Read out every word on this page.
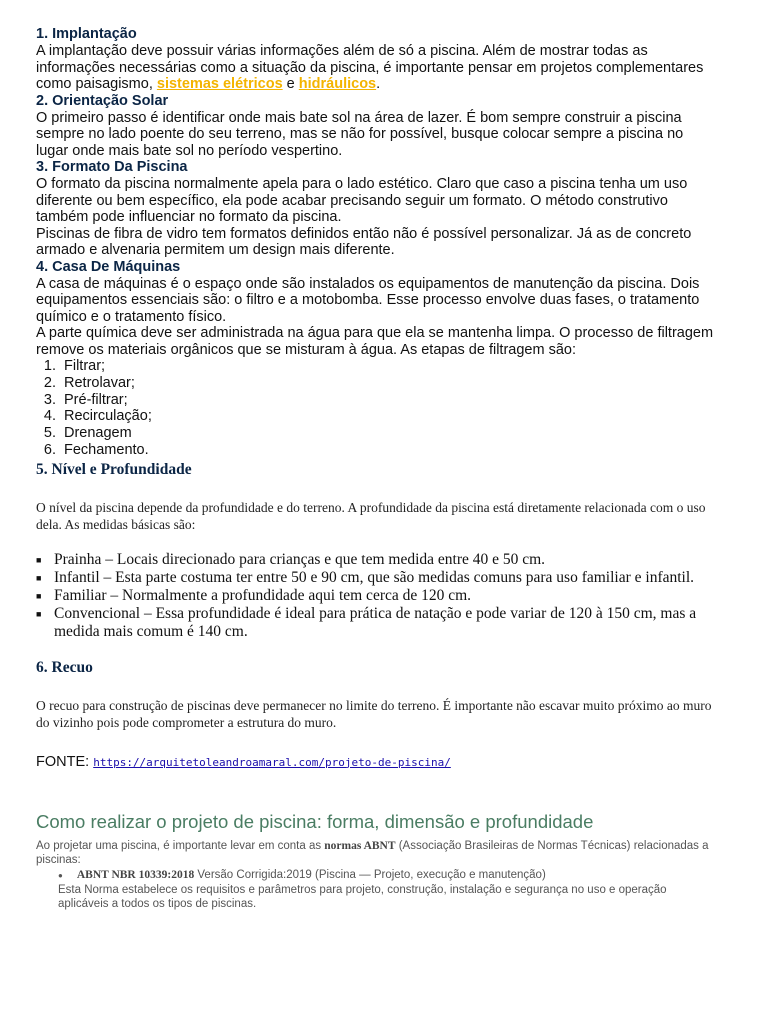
1. Implantação

A implantação deve possuir várias informações além de só a piscina. Além de mostrar todas as informações necessárias como a situação da piscina, é importante pensar em projetos complementares como paisagismo, sistemas elétricos e hidráulicos.

2. Orientação Solar

O primeiro passo é identificar onde mais bate sol na área de lazer. É bom sempre construir a piscina sempre no lado poente do seu terreno, mas se não for possível, busque colocar sempre a piscina no lugar onde mais bate sol no período vespertino.

3. Formato Da Piscina

O formato da piscina normalmente apela para o lado estético. Claro que caso a piscina tenha um uso diferente ou bem específico, ela pode acabar precisando seguir um formato. O método construtivo também pode influenciar no formato da piscina.

Piscinas de fibra de vidro tem formatos definidos então não é possível personalizar. Já as de concreto armado e alvenaria permitem um design mais diferente.

4. Casa De Máquinas

A casa de máquinas é o espaço onde são instalados os equipamentos de manutenção da piscina. Dois equipamentos essenciais são: o filtro e a motobomba. Esse processo envolve duas fases, o tratamento químico e o tratamento físico.

A parte química deve ser administrada na água para que ela se mantenha limpa. O processo de filtragem remove os materiais orgânicos que se misturam à água. As etapas de filtragem são:

1. Filtrar;
2. Retrolavar;
3. Pré-filtrar;
4. Recirculação;
5. Drenagem
6. Fechamento.
5. Nível e Profundidade

O nível da piscina depende da profundidade e do terreno. A profundidade da piscina está diretamente relacionada com o uso dela. As medidas básicas são:

■ Prainha – Locais direcionado para crianças e que tem medida entre 40 e 50 cm.
■ Infantil – Esta parte costuma ter entre 50 e 90 cm, que são medidas comuns para uso familiar e infantil.
■ Familiar – Normalmente a profundidade aqui tem cerca de 120 cm.
■ Convencional – Essa profundidade é ideal para prática de natação e pode variar de 120 à 150 cm, mas a medida mais comum é 140 cm.
6. Recuo

O recuo para construção de piscinas deve permanecer no limite do terreno. É importante não escavar muito próximo ao muro do vizinho pois pode comprometer a estrutura do muro.

FONTE: https://arquitetoleandroamaral.com/projeto-de-piscina/
Como realizar o projeto de piscina: forma, dimensão e profundidade

Ao projetar uma piscina, é importante levar em conta as normas ABNT (Associação Brasileiras de Normas Técnicas) relacionadas a piscinas:

● ABNT NBR 10339:2018 Versão Corrigida:2019 (Piscina — Projeto, execução e manutenção)
Esta Norma estabelece os requisitos e parâmetros para projeto, construção, instalação e segurança no uso e operação aplicáveis a todos os tipos de piscinas.
